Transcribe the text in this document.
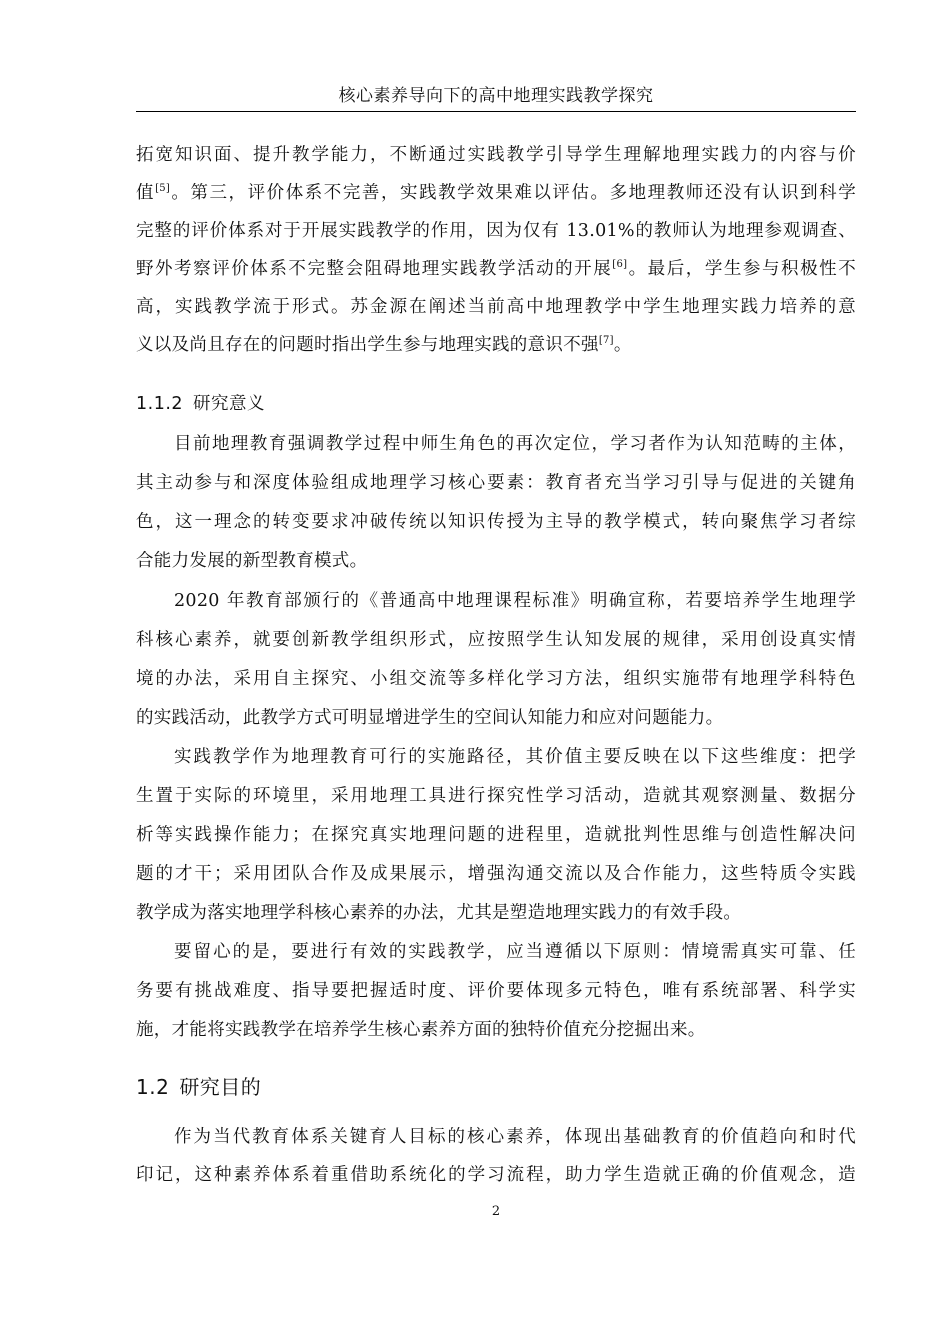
核心素养导向下的高中地理实践教学探究
拓宽知识面、提升教学能力，不断通过实践教学引导学生理解地理实践力的内容与价
值[5]。第三，评价体系不完善，实践教学效果难以评估。多地理教师还没有认识到科学
完整的评价体系对于开展实践教学的作用，因为仅有 13.01%的教师认为地理参观调查、
野外考察评价体系不完整会阻碍地理实践教学活动的开展[6]。最后，学生参与积极性不
高，实践教学流于形式。苏金源在阐述当前高中地理教学中学生地理实践力培养的意
义以及尚且存在的问题时指出学生参与地理实践的意识不强[7]。
1.1.2 研究意义
目前地理教育强调教学过程中师生角色的再次定位，学习者作为认知范畴的主体，
其主动参与和深度体验组成地理学习核心要素：教育者充当学习引导与促进的关键角
色，这一理念的转变要求冲破传统以知识传授为主导的教学模式，转向聚焦学习者综
合能力发展的新型教育模式。
2020 年教育部颁行的《普通高中地理课程标准》明确宣称，若要培养学生地理学
科核心素养，就要创新教学组织形式，应按照学生认知发展的规律，采用创设真实情
境的办法，采用自主探究、小组交流等多样化学习方法，组织实施带有地理学科特色
的实践活动，此教学方式可明显增进学生的空间认知能力和应对问题能力。
实践教学作为地理教育可行的实施路径，其价值主要反映在以下这些维度：把学
生置于实际的环境里，采用地理工具进行探究性学习活动，造就其观察测量、数据分
析等实践操作能力；在探究真实地理问题的进程里，造就批判性思维与创造性解决问
题的才干；采用团队合作及成果展示，增强沟通交流以及合作能力，这些特质令实践
教学成为落实地理学科核心素养的办法，尤其是塑造地理实践力的有效手段。
要留心的是，要进行有效的实践教学，应当遵循以下原则：情境需真实可靠、任
务要有挑战难度、指导要把握适时度、评价要体现多元特色，唯有系统部署、科学实
施，才能将实践教学在培养学生核心素养方面的独特价值充分挖掘出来。
1.2 研究目的
作为当代教育体系关键育人目标的核心素养，体现出基础教育的价值趋向和时代
印记，这种素养体系着重借助系统化的学习流程，助力学生造就正确的价值观念，造
2
